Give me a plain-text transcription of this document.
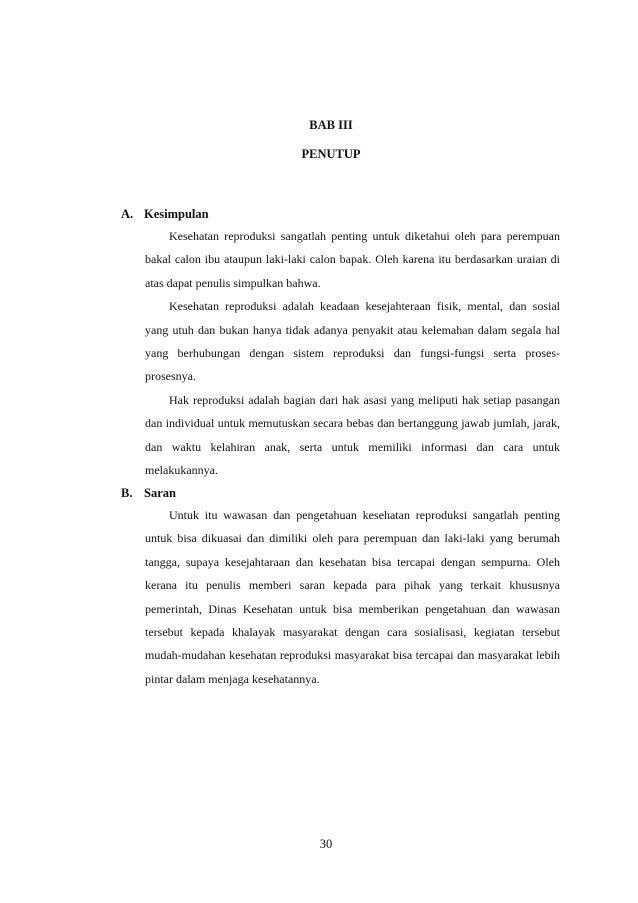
BAB III
PENUTUP
A. Kesimpulan

Kesehatan reproduksi sangatlah penting untuk diketahui oleh para perempuan bakal calon ibu ataupun laki-laki calon bapak. Oleh karena itu berdasarkan uraian di atas dapat penulis simpulkan bahwa.

Kesehatan reproduksi adalah keadaan kesejahteraan fisik, mental, dan sosial yang utuh dan bukan hanya tidak adanya penyakit atau kelemahan dalam segala hal yang berhubungan dengan sistem reproduksi dan fungsi-fungsi serta proses-prosesnya.

Hak reproduksi adalah bagian dari hak asasi yang meliputi hak setiap pasangan dan individual untuk memutuskan secara bebas dan bertanggung jawab jumlah, jarak, dan waktu kelahiran anak, serta untuk memiliki informasi dan cara untuk melakukannya.

B. Saran

Untuk itu wawasan dan pengetahuan kesehatan reproduksi sangatlah penting untuk bisa dikuasai dan dimiliki oleh para perempuan dan laki-laki yang berumah tangga, supaya kesejahtaraan dan kesehatan bisa tercapai dengan sempurna. Oleh kerana itu penulis memberi saran kepada para pihak yang terkait khususnya pemerintah, Dinas Kesehatan untuk bisa memberikan pengetahuan dan wawasan tersebut kepada khalayak masyarakat dengan cara sosialisasi, kegiatan tersebut mudah-mudahan kesehatan reproduksi masyarakat bisa tercapai dan masyarakat lebih pintar dalam menjaga kesehatannya.

30
